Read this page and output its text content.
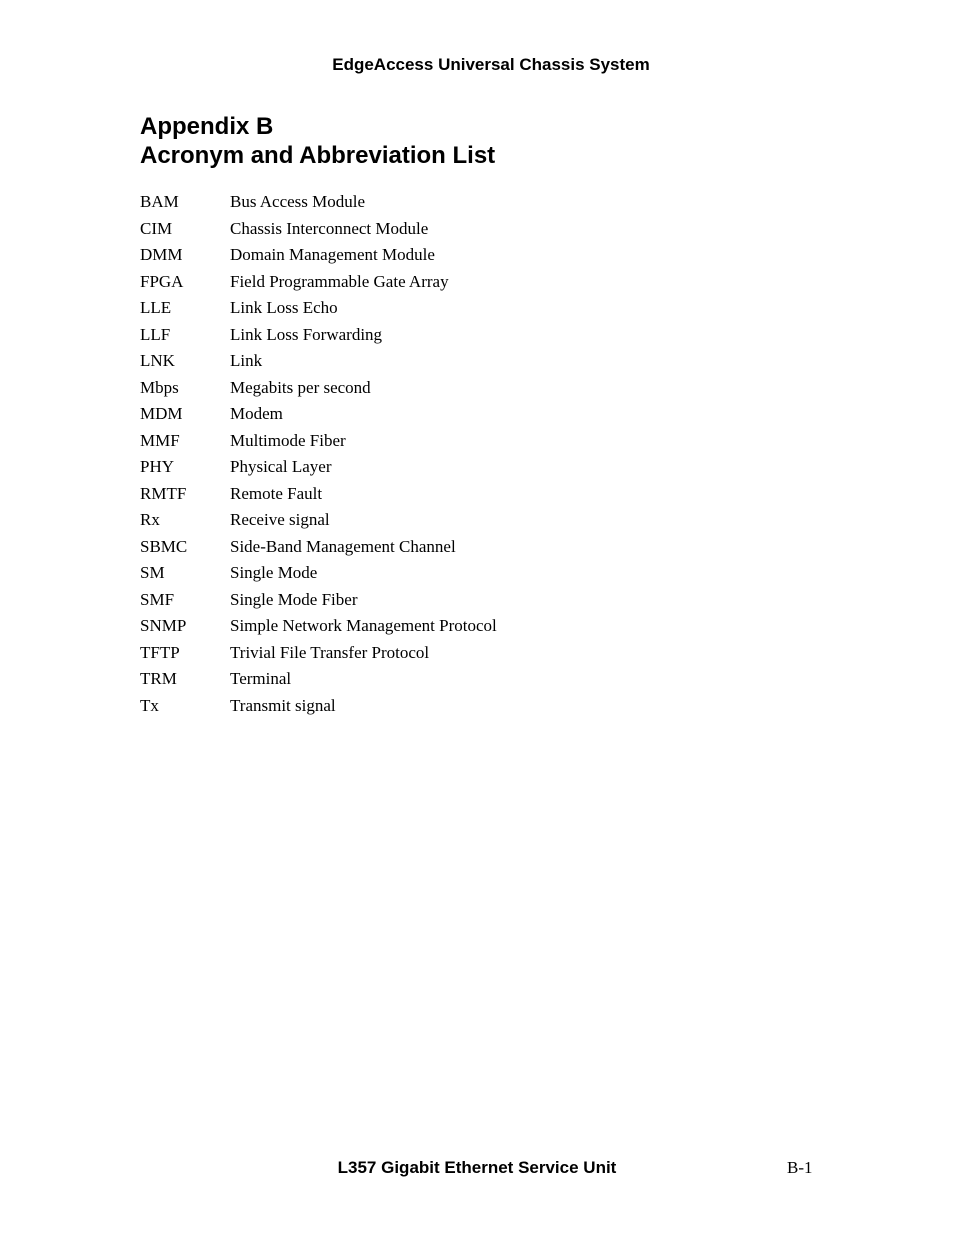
EdgeAccess Universal Chassis System
Appendix B
Acronym and Abbreviation List
BAM	Bus Access Module
CIM	Chassis Interconnect Module
DMM	Domain Management Module
FPGA	Field Programmable Gate Array
LLE	Link Loss Echo
LLF	Link Loss Forwarding
LNK	Link
Mbps	Megabits per second
MDM	Modem
MMF	Multimode Fiber
PHY	Physical Layer
RMTF	Remote Fault
Rx	Receive signal
SBMC	Side-Band Management Channel
SM	Single Mode
SMF	Single Mode Fiber
SNMP	Simple Network Management Protocol
TFTP	Trivial File Transfer Protocol
TRM	Terminal
Tx	Transmit signal
L357 Gigabit Ethernet Service Unit	B-1
